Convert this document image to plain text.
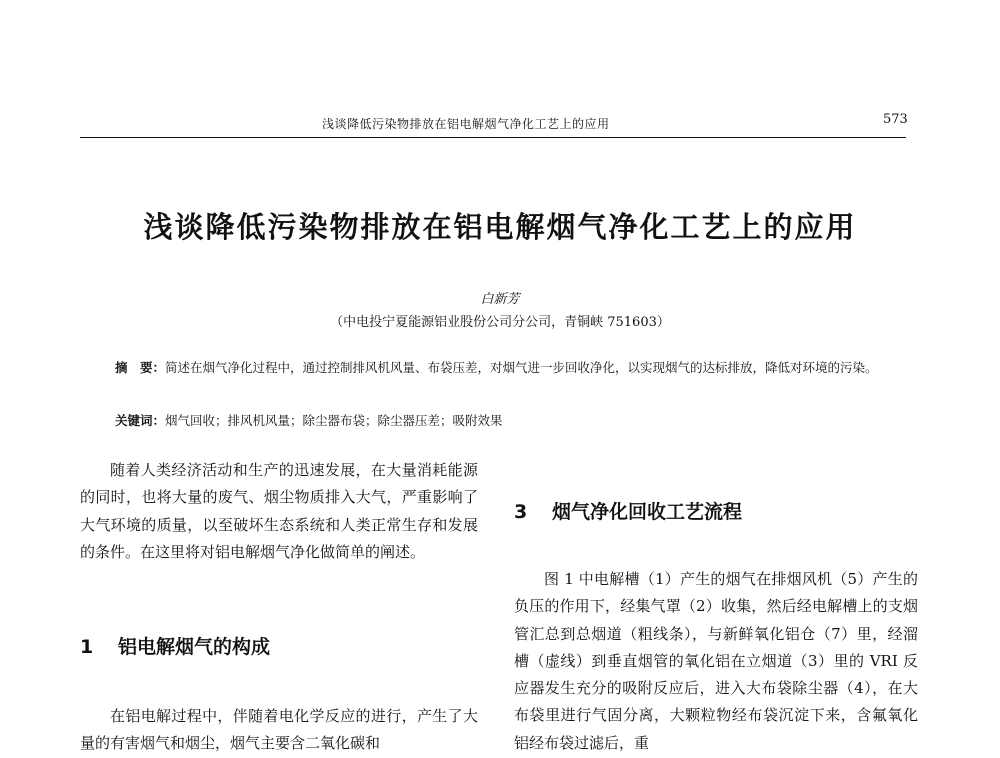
浅谈降低污染物排放在铝电解烟气净化工艺上的应用	573
浅谈降低污染物排放在铝电解烟气净化工艺上的应用
白新芳
（中电投宁夏能源铝业股份公司分公司，青铜峡 751603）
摘　要：简述在烟气净化过程中，通过控制排风机风量、布袋压差，对烟气进一步回收净化，以实现烟气的达标排放，降低对环境的污染。
关键词：烟气回收；排风机风量；除尘器布袋；除尘器压差；吸附效果

随着人类经济活动和生产的迅速发展，在大量消耗能源的同时，也将大量的废气、烟尘物质排入大气，严重影响了大气环境的质量，以至破坏生态系统和人类正常生存和发展的条件。在这里将对铝电解烟气净化做简单的阐述。

1 铝电解烟气的构成

在铝电解过程中，伴随着电化学反应的进行，产生了大量的有害烟气和烟尘，烟气主要含二氧化碳和

3 烟气净化回收工艺流程

图 1 中电解槽（1）产生的烟气在排烟风机（5）产生的负压的作用下，经集气罩（2）收集，然后经电解槽上的支烟管汇总到总烟道（粗线条），与新鲜氧化铝仓（7）里，经溜槽（虚线）到垂直烟管的氧化铝在立烟道（3）里的 VRI 反应器发生充分的吸附反应后，进入大布袋除尘器（4），在大布袋里进行气固分离，大颗粒物经布袋沉淀下来，含氟氧化铝经布袋过滤后，重
